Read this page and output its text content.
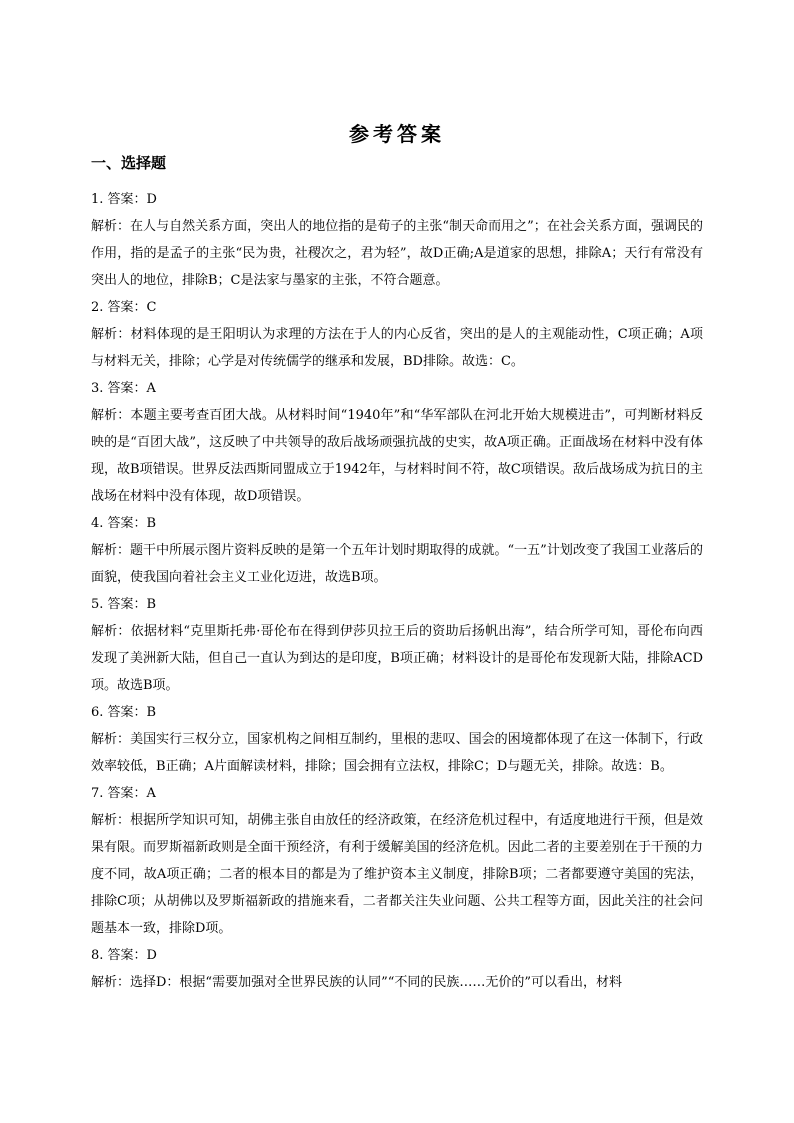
参考答案
一、选择题
1. 答案：D
解析：在人与自然关系方面，突出人的地位指的是荀子的主张“制天命而用之”；在社会关系方面，强调民的作用，指的是孟子的主张“民为贵，社稷次之，君为轻”，故D正确;A是道家的思想，排除A；天行有常没有突出人的地位，排除B；C是法家与墨家的主张，不符合题意。
2. 答案：C
解析：材料体现的是王阳明认为求理的方法在于人的内心反省，突出的是人的主观能动性，C项正确；A项与材料无关，排除；心学是对传统儒学的继承和发展，BD排除。故选：C。
3. 答案：A
解析：本题主要考查百团大战。从材料时间“1940年”和“华军部队在河北开始大规模进击”，可判断材料反映的是“百团大战”，这反映了中共领导的敌后战场顽强抗战的史实，故A项正确。正面战场在材料中没有体现，故B项错误。世界反法西斯同盟成立于1942年，与材料时间不符，故C项错误。敌后战场成为抗日的主战场在材料中没有体现，故D项错误。
4. 答案：B
解析：题干中所展示图片资料反映的是第一个五年计划时期取得的成就。“一五”计划改变了我国工业落后的面貌，使我国向着社会主义工业化迈进，故选B项。
5. 答案：B
解析：依据材料“克里斯托弗·哥伦布在得到伊莎贝拉王后的资助后扬帆出海”，结合所学可知，哥伦布向西发现了美洲新大陆，但自己一直认为到达的是印度，B项正确；材料设计的是哥伦布发现新大陆，排除ACD项。故选B项。
6. 答案：B
解析：美国实行三权分立，国家机构之间相互制约，里根的悲叹、国会的困境都体现了在这一体制下，行政效率较低，B正确；A片面解读材料，排除；国会拥有立法权，排除C；D与题无关，排除。故选：B。
7. 答案：A
解析：根据所学知识可知，胡佛主张自由放任的经济政策，在经济危机过程中，有适度地进行干预，但是效果有限。而罗斯福新政则是全面干预经济，有利于缓解美国的经济危机。因此二者的主要差别在于干预的力度不同，故A项正确；二者的根本目的都是为了维护资本主义制度，排除B项；二者都要遵守美国的宪法，排除C项；从胡佛以及罗斯福新政的措施来看，二者都关注失业问题、公共工程等方面，因此关注的社会问题基本一致，排除D项。
8. 答案：D
解析：选择D：根据“需要加强对全世界民族的认同”“不同的民族……无价的”可以看出，材料
